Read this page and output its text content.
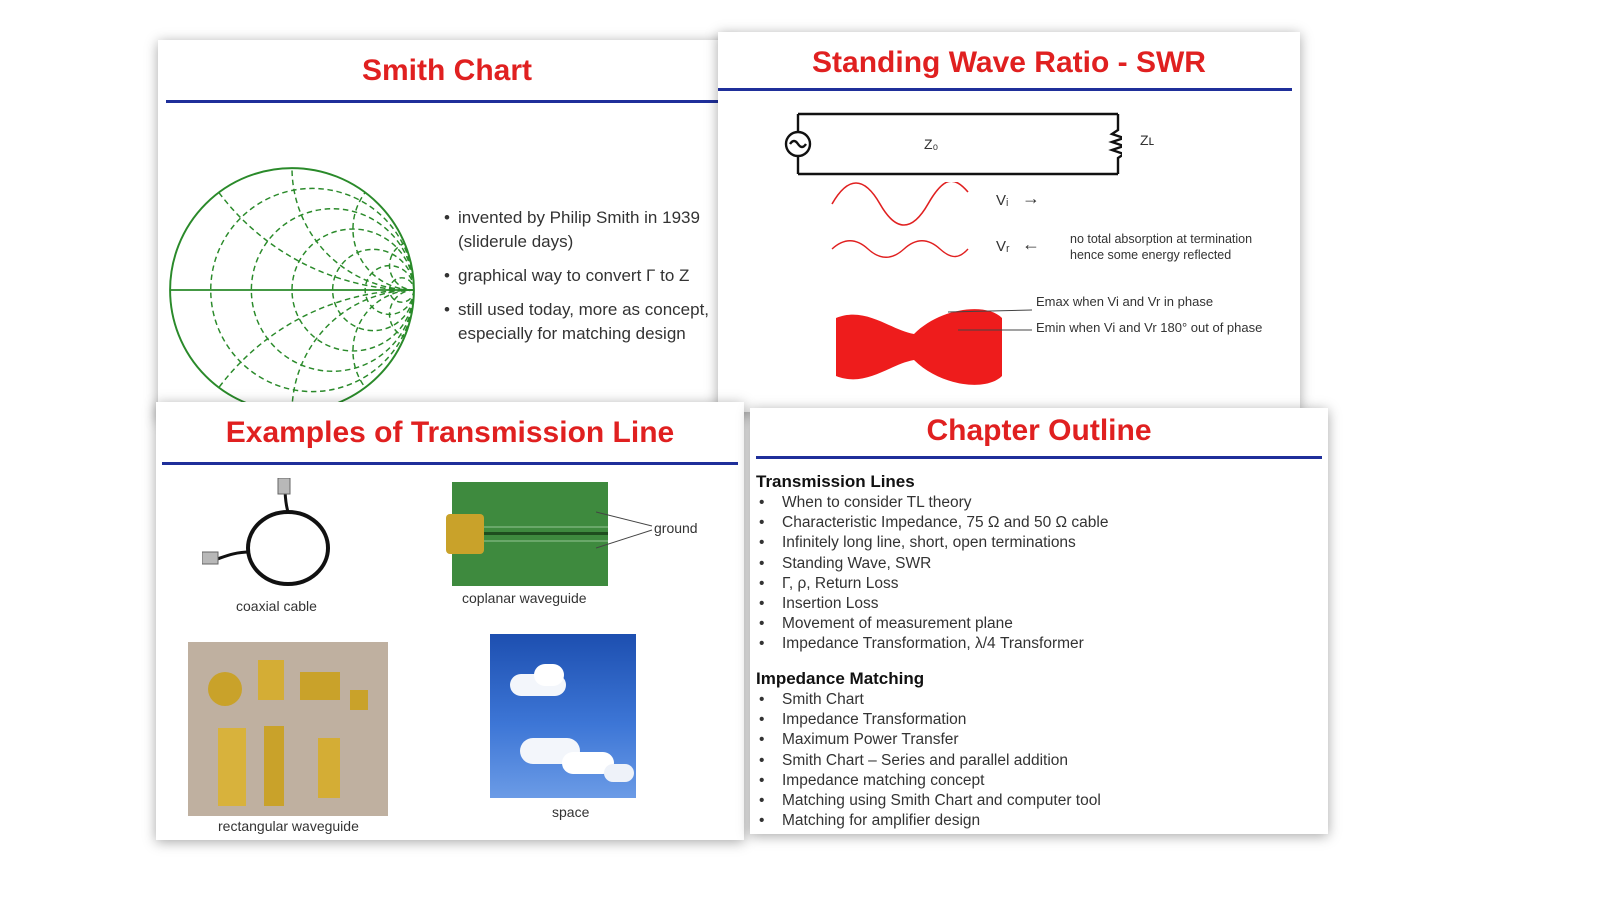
Smith Chart
• invented by Philip Smith in 1939 (sliderule days)
• graphical way to convert Γ to Z
• still used today, more as concept, especially for matching design
Standing Wave Ratio - SWR
Z₀	Zʟ
Vᵢ →
Vᵣ ← no total absorption at termination
hence some energy reflected
Emax when Vi and Vr in phase
Emin when Vi and Vr 180° out of phase
Examples of Transmission Line
coaxial cable
ground
coplanar waveguide
rectangular waveguide
space
Chapter Outline
Transmission Lines
• When to consider TL theory
• Characteristic Impedance, 75 Ω and 50 Ω cable
• Infinitely long line, short, open terminations
• Standing Wave, SWR
• Γ, ρ, Return Loss
• Insertion Loss
• Movement of measurement plane
• Impedance Transformation, λ/4 Transformer
Impedance Matching
• Smith Chart
• Impedance Transformation
• Maximum Power Transfer
• Smith Chart – Series and parallel addition
• Impedance matching concept
• Matching using Smith Chart and computer tool
• Matching for amplifier design
